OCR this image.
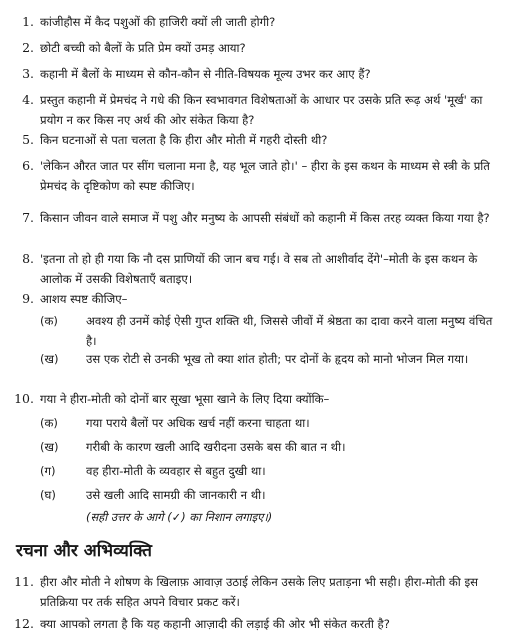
1. कांजीहौस में कैद पशुओं की हाजिरी क्यों ली जाती होगी?
2. छोटी बच्ची को बैलों के प्रति प्रेम क्यों उमड़ आया?
3. कहानी में बैलों के माध्यम से कौन-कौन से नीति-विषयक मूल्य उभर कर आए हैं?
4. प्रस्तुत कहानी में प्रेमचंद ने गधे की किन स्वभावगत विशेषताओं के आधार पर उसके प्रति रूढ़ अर्थ 'मूर्ख' का प्रयोग न कर किस नए अर्थ की ओर संकेत किया है?
5. किन घटनाओं से पता चलता है कि हीरा और मोती में गहरी दोस्ती थी?
6. 'लेकिन औरत जात पर सींग चलाना मना है, यह भूल जाते हो।' – हीरा के इस कथन के माध्यम से स्त्री के प्रति प्रेमचंद के दृष्टिकोण को स्पष्ट कीजिए।
7. किसान जीवन वाले समाज में पशु और मनुष्य के आपसी संबंधों को कहानी में किस तरह व्यक्त किया गया है?
8. 'इतना तो हो ही गया कि नौ दस प्राणियों की जान बच गई। वे सब तो आशीर्वाद देंगे'–मोती के इस कथन के आलोक में उसकी विशेषताएँ बताइए।
9. आशय स्पष्ट कीजिए–
(क)	अवश्य ही उनमें कोई ऐसी गुप्त शक्ति थी, जिससे जीवों में श्रेष्ठता का दावा करने वाला मनुष्य वंचित है।
(ख)	उस एक रोटी से उनकी भूख तो क्या शांत होती; पर दोनों के हृदय को मानो भोजन मिल गया।
10. गया ने हीरा-मोती को दोनों बार सूखा भूसा खाने के लिए दिया क्योंकि–
(क)	गया पराये बैलों पर अधिक खर्च नहीं करना चाहता था।
(ख)	गरीबी के कारण खली आदि खरीदना उसके बस की बात न थी।
(ग)	वह हीरा-मोती के व्यवहार से बहुत दुखी था।
(घ)	उसे खली आदि सामग्री की जानकारी न थी।
(सही उत्तर के आगे (✓) का निशान लगाइए।)
रचना और अभिव्यक्ति
11. हीरा और मोती ने शोषण के खिलाफ़ आवाज़ उठाई लेकिन उसके लिए प्रताड़ना भी सही। हीरा-मोती की इस प्रतिक्रिया पर तर्क सहित अपने विचार प्रकट करें।
12. क्या आपको लगता है कि यह कहानी आज़ादी की लड़ाई की ओर भी संकेत करती है?
